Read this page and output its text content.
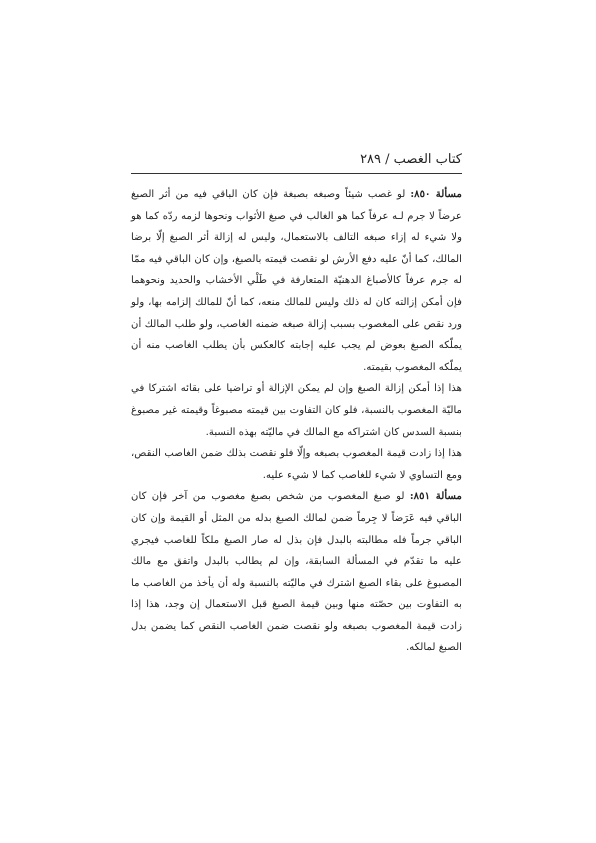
كتاب الغصب / ٢٨٩

مسألة ٨٥٠: لو غصب شيئاً وصبغه بصبغة فإن كان الباقي فيه من أثر الصبغ عرضاً لا جرم لـه عرفاً كما هو الغالب في صبغ الأثواب ونحوها لزمه ردّه كما هو ولا شيء له إزاء صبغه التالف بالاستعمال، وليس له إزالة أثر الصبغ إلّا برضا المالك، كما أنّ عليه دفع الأرش لو نقصت قيمته بالصبغ، وإن كان الباقي فيه ممّا له جرم عرفاً كالأصباغ الدهنيّة المتعارفة في طَلْي الأخشاب والحديد ونحوهما فإن أمكن إزالته كان له ذلك وليس للمالك منعه، كما أنّ للمالك إلزامه بها، ولو ورد نقص على المغصوب بسبب إزالة صبغه ضمنه الغاصب، ولو طلب المالك أن يملّكه الصبغ بعوض لم يجب عليه إجابته كالعكس بأن يطلب الغاصب منه أن يملّكه المغصوب بقيمته.

هذا إذا أمكن إزالة الصبغ وإن لم يمكن الإزالة أو تراضيا على بقائه اشتركا في ماليّة المغصوب بالنسبة، فلو كان التفاوت بين قيمته مصبوغاً وقيمته غير مصبوغ بنسبة السدس كان اشتراكه مع المالك في ماليّته بهذه النسبة.

هذا إذا زادت قيمة المغصوب بصبغه وإلّا فلو نقصت بذلك ضمن الغاصب النقص، ومع التساوي لا شيء للغاصب كما لا شيء عليه.

مسألة ٨٥١: لو صبغ المغصوب من شخص بصبغ مغصوب من آخر فإن كان الباقي فيه عَرَضاً لا جِرماً ضمن لمالك الصبغ بدله من المثل أو القيمة وإن كان الباقي جرماً فله مطالبته بالبدل فإن بذل له صار الصبغ ملكاً للغاصب فيجري عليه ما تقدّم في المسألة السابقة، وإن لم يطالب بالبدل واتفق مع مالك المصبوغ على بقاء الصبغ اشترك في ماليّته بالنسبة وله أن يأخذ من الغاصب ما به التفاوت بين حصّته منها وبين قيمة الصبغ قبل الاستعمال إن وجد، هذا إذا زادت قيمة المغصوب بصبغه ولو نقصت ضمن الغاصب النقص كما يضمن بدل الصبغ لمالكه.
